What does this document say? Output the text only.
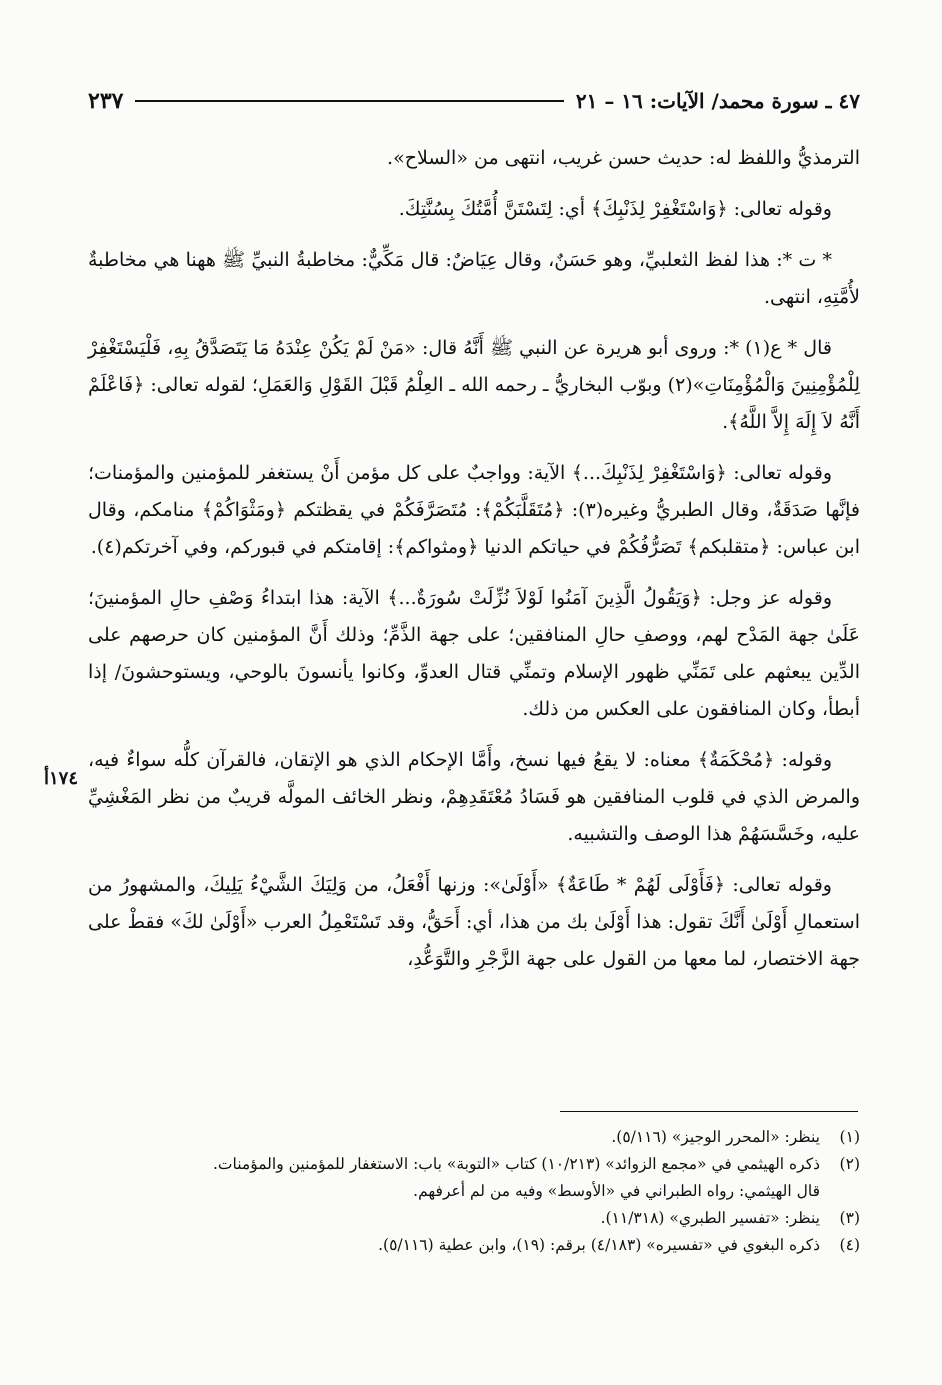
٤٧ ـ سورة محمد/ الآيات: ١٦ – ٢١
٢٣٧

الترمذيُّ واللفظ له: حديث حسن غريب، انتهى من «السلاح».

وقوله تعالى: ﴿وَاسْتَغْفِرْ لِذَنْبِكَ﴾ أي: لِتَسْتَنَّ أُمَّتُكَ بِسُنَّتِكَ.

* ت *: هذا لفظ الثعلبيِّ، وهو حَسَنٌ، وقال عِيَاضٌ: قال مَكِّيٌّ: مخاطبةُ النبيِّ ﷺ ههنا هي مخاطبةٌ لأُمَّتِهِ، انتهى.

قال * ع(١) *: وروى أبو هريرة عن النبي ﷺ أَنَّهُ قال: «مَنْ لَمْ يَكُنْ عِنْدَهُ مَا يَتَصَدَّقُ بِهِ، فَلْيَسْتَغْفِرْ لِلْمُؤْمِنِينَ وَالْمُؤْمِنَاتِ»(٢) وبوّب البخاريُّ ـ رحمه الله ـ العِلْمُ قَبْلَ القَوْلِ وَالعَمَلِ؛ لقوله تعالى: ﴿فَاعْلَمْ أَنَّهُ لاَ إِلَهَ إِلاَّ اللَّهُ﴾.

وقوله تعالى: ﴿وَاسْتَغْفِرْ لِذَنْبِكَ...﴾ الآية: وواجبٌ على كل مؤمن أَنْ يستغفر للمؤمنين والمؤمنات؛ فإنَّها صَدَقَةٌ، وقال الطبريُّ وغيره(٣): ﴿مُتَقَلَّبَكُمْ﴾: مُتَصَرَّفَكُمْ في يقظتكم ﴿ومَثْوَاكُمْ﴾ منامكم، وقال ابن عباس: ﴿متقلبكم﴾ تَصَرُّفُكُمْ في حياتكم الدنيا ﴿ومثواكم﴾: إقامتكم في قبوركم، وفي آخرتكم(٤).

وقوله عز وجل: ﴿وَيَقُولُ الَّذِينَ آمَنُوا لَوْلاَ نُزِّلَتْ سُورَةٌ...﴾ الآية: هذا ابتداءُ وَصْفِ حالِ المؤمنينَ؛ عَلَىٰ جهة المَدْح لهم، ووصفِ حالِ المنافقين؛ على جهة الذَّمِّ؛ وذلك أَنَّ المؤمنين كان حرصهم على الدِّين يبعثهم على تَمَنِّي ظهور الإسلام وتمنِّي قتال العدوِّ، وكانوا يأنسونَ بالوحي، ويستوحشونَ/ إذا أبطأ، وكان المنافقون على العكس من ذلك.

وقوله: ﴿مُحْكَمَةٌ﴾ معناه: لا يقعُ فيها نسخ، وأَمَّا الإحكام الذي هو الإتقان، فالقرآن كلُّه سواءٌ فيه، والمرض الذي في قلوب المنافقين هو فَسَادُ مُعْتَقَدِهِمْ، ونظر الخائف المولَّه قريبٌ من نظر المَغْشِيِّ عليه، وخَسَّسَهُمْ هذا الوصف والتشبيه.

وقوله تعالى: ﴿فَأَوْلَى لَهُمْ * طَاعَةٌ﴾ «أَوْلَىٰ»: وزنها أَفْعَلُ، من وَلِيَكَ الشَّيْءُ يَلِيكَ، والمشهورُ من استعمالِ أَوْلَىٰ أَنَّكَ تقول: هذا أَوْلَىٰ بك من هذا، أي: أَحَقُّ، وقد تَسْتَعْمِلُ العرب «أَوْلَىٰ لكَ» فقطْ على جهة الاختصار، لما معها من القول على جهة الزَّجْرِ والتَّوَعُّدِ،

١٧٤أ
(١)
ينظر: «المحرر الوجيز» (٥/١١٦).
(٢)
ذكره الهيثمي في «مجمع الزوائد» (١٠/٢١٣) كتاب «التوبة» باب: الاستغفار للمؤمنين والمؤمنات.
قال الهيثمي: رواه الطبراني في «الأوسط» وفيه من لم أعرفهم.
(٣)
ينظر: «تفسير الطبري» (١١/٣١٨).
(٤)
ذكره البغوي في «تفسيره» (٤/١٨٣) برقم: (١٩)، وابن عطية (٥/١١٦).
